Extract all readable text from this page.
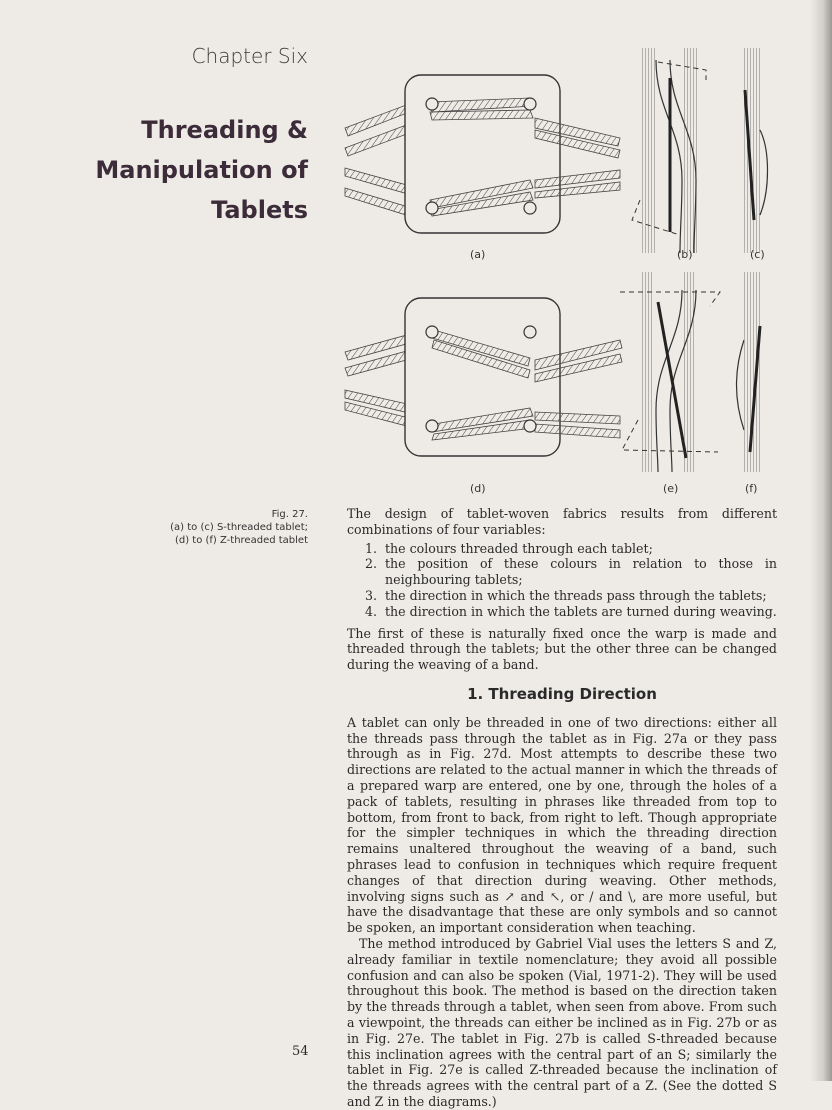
Chapter Six
Threading &
Manipulation of
Tablets
Fig. 27.
(a) to (c) S-threaded tablet;
(d) to (f) Z-threaded tablet
(a)	(b)	(c)
(d)	(e)	(f)

The design of tablet-woven fabrics results from different combinations of four variables:

1. the colours threaded through each tablet;
2. the position of these colours in relation to those in neighbouring tablets;
3. the direction in which the threads pass through the tablets;
4. the direction in which the tablets are turned during weaving.

The first of these is naturally fixed once the warp is made and threaded through the tablets; but the other three can be changed during the weaving of a band.

1. Threading Direction

A tablet can only be threaded in one of two directions: either all the threads pass through the tablet as in Fig. 27a or they pass through as in Fig. 27d. Most attempts to describe these two directions are related to the actual manner in which the threads of a prepared warp are entered, one by one, through the holes of a pack of tablets, resulting in phrases like threaded from top to bottom, from front to back, from right to left. Though appropriate for the simpler techniques in which the threading direction remains unaltered throughout the weaving of a band, such phrases lead to confusion in techniques which require frequent changes of that direction during weaving. Other methods, involving signs such as ↗ and ↖, or / and \, are more useful, but have the disadvantage that these are only symbols and so cannot be spoken, an important consideration when teaching.

The method introduced by Gabriel Vial uses the letters S and Z, already familiar in textile nomenclature; they avoid all possible confusion and can also be spoken (Vial, 1971-2). They will be used throughout this book. The method is based on the direction taken by the threads through a tablet, when seen from above. From such a viewpoint, the threads can either be inclined as in Fig. 27b or as in Fig. 27e. The tablet in Fig. 27b is called S-threaded because this inclination agrees with the central part of an S; similarly the tablet in Fig. 27e is called Z-threaded because the inclination of the threads agrees with the central part of a Z. (See the dotted S and Z in the diagrams.)

54
